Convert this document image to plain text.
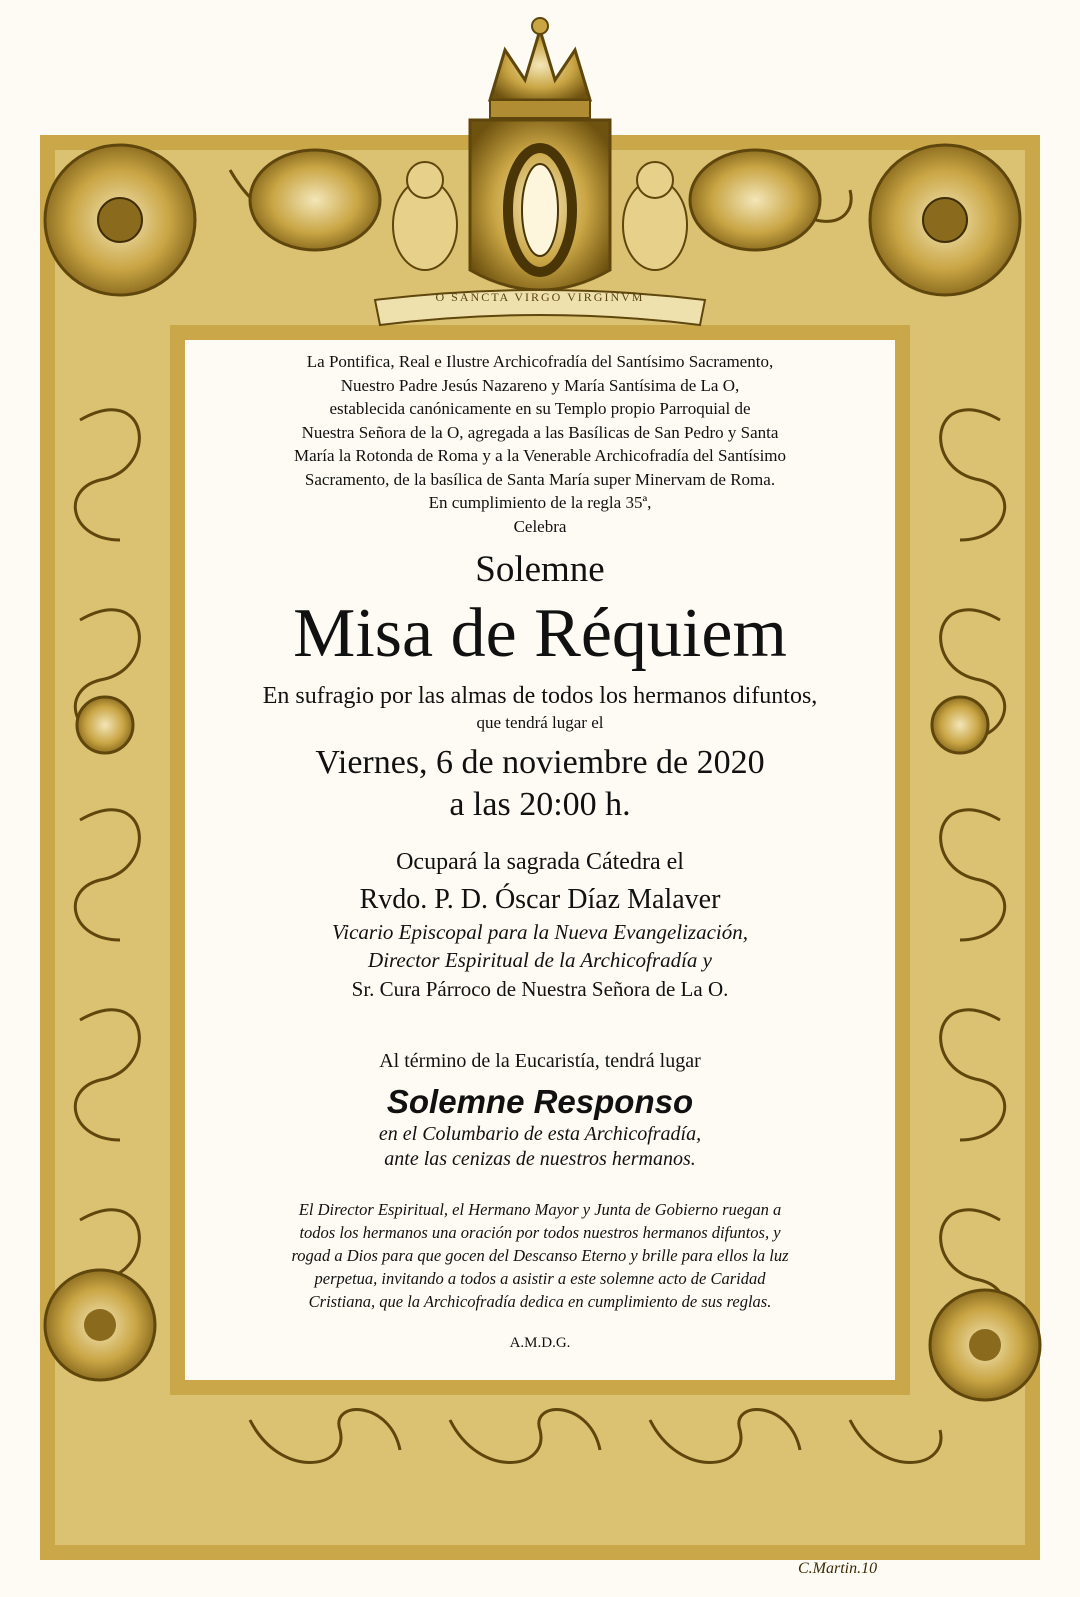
O SANCTA VIRGO VIRGINVM

La Pontifica, Real e Ilustre Archicofradía del Santísimo Sacramento,

Nuestro Padre Jesús Nazareno y María Santísima de La O,

establecida canónicamente en su Templo propio Parroquial de

Nuestra Señora de la O, agregada a las Basílicas de San Pedro y Santa

María la Rotonda de Roma y a la Venerable Archicofradía del Santísimo

Sacramento, de la basílica de Santa María super Minervam de Roma.

En cumplimiento de la regla 35ª,

Celebra

Solemne
Misa de Réquiem
En sufragio por las almas de todos los hermanos difuntos,
que tendrá lugar el
Viernes, 6 de noviembre de 2020
a las 20:00 h.
Ocupará la sagrada Cátedra el
Rvdo. P. D. Óscar Díaz Malaver
Vicario Episcopal para la Nueva Evangelización,
Director Espiritual de la Archicofradía y
Sr. Cura Párroco de Nuestra Señora de La O.
Al término de la Eucaristía, tendrá lugar
Solemne Responso
en el Columbario de esta Archicofradía,
ante las cenizas de nuestros hermanos.

El Director Espiritual, el Hermano Mayor y Junta de Gobierno ruegan a

todos los hermanos una oración por todos nuestros hermanos difuntos, y

rogad a Dios para que gocen del Descanso Eterno y brille para ellos la luz

perpetua, invitando a todos a asistir a este solemne acto de Caridad

Cristiana, que la Archicofradía dedica en cumplimiento de sus reglas.

A.M.D.G.
C.Martin.10
